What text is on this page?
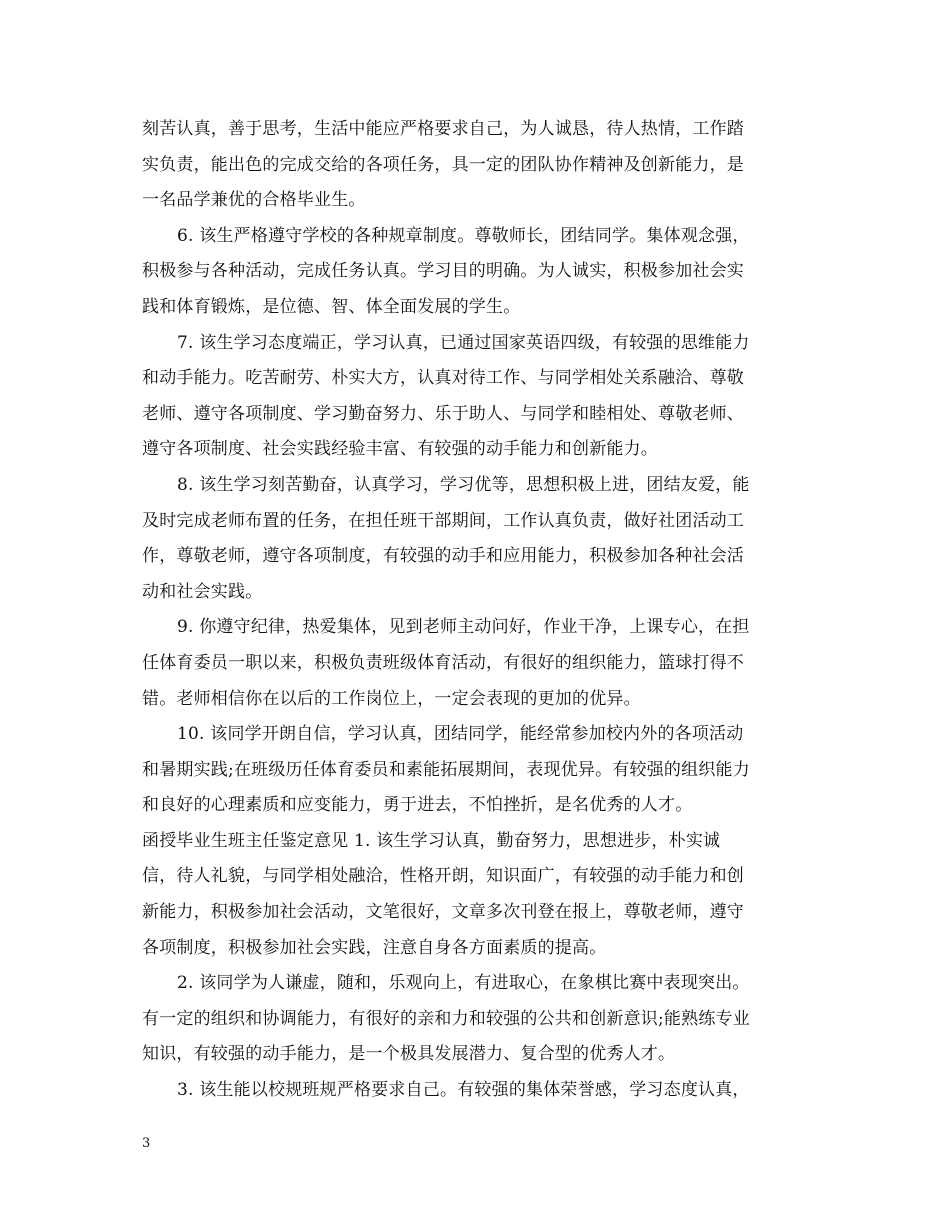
刻苦认真，善于思考，生活中能应严格要求自己，为人诚恳，待人热情，工作踏
实负责，能出色的完成交给的各项任务，具一定的团队协作精神及创新能力，是
一名品学兼优的合格毕业生。
6. 该生严格遵守学校的各种规章制度。尊敬师长，团结同学。集体观念强，
积极参与各种活动，完成任务认真。学习目的明确。为人诚实，积极参加社会实
践和体育锻炼，是位德、智、体全面发展的学生。
7. 该生学习态度端正，学习认真，已通过国家英语四级，有较强的思维能力
和动手能力。吃苦耐劳、朴实大方，认真对待工作、与同学相处关系融洽、尊敬
老师、遵守各项制度、学习勤奋努力、乐于助人、与同学和睦相处、尊敬老师、
遵守各项制度、社会实践经验丰富、有较强的动手能力和创新能力。
8. 该生学习刻苦勤奋，认真学习，学习优等，思想积极上进，团结友爱，能
及时完成老师布置的任务，在担任班干部期间，工作认真负责，做好社团活动工
作，尊敬老师，遵守各项制度，有较强的动手和应用能力，积极参加各种社会活
动和社会实践。
9. 你遵守纪律，热爱集体，见到老师主动问好，作业干净，上课专心，在担
任体育委员一职以来，积极负责班级体育活动，有很好的组织能力，篮球打得不
错。老师相信你在以后的工作岗位上，一定会表现的更加的优异。
10. 该同学开朗自信，学习认真，团结同学，能经常参加校内外的各项活动
和暑期实践;在班级历任体育委员和素能拓展期间，表现优异。有较强的组织能力
和良好的心理素质和应变能力，勇于进去，不怕挫折，是名优秀的人才。
函授毕业生班主任鉴定意见 1. 该生学习认真，勤奋努力，思想进步，朴实诚
信，待人礼貌，与同学相处融洽，性格开朗，知识面广，有较强的动手能力和创
新能力，积极参加社会活动，文笔很好，文章多次刊登在报上，尊敬老师，遵守
各项制度，积极参加社会实践，注意自身各方面素质的提高。
2. 该同学为人谦虚，随和，乐观向上，有进取心，在象棋比赛中表现突出。
有一定的组织和协调能力，有很好的亲和力和较强的公共和创新意识;能熟练专业
知识，有较强的动手能力，是一个极具发展潜力、复合型的优秀人才。
3. 该生能以校规班规严格要求自己。有较强的集体荣誉感，学习态度认真，
3
